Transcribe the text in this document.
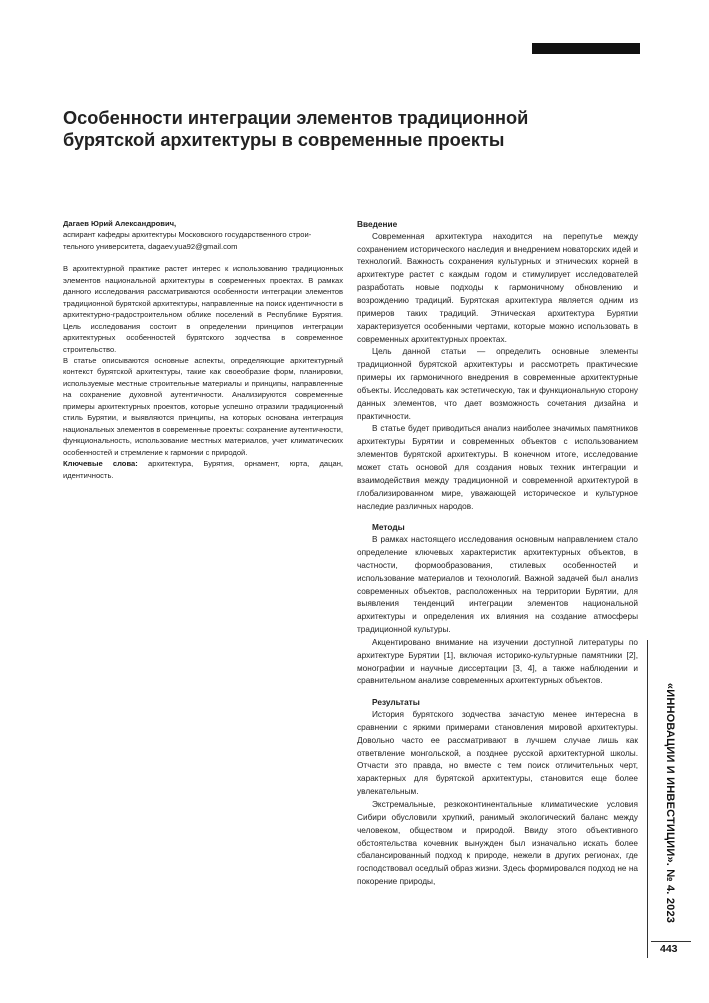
Особенности интеграции элементов традиционной
бурятской архитектуры в современные проекты

Дагаев Юрий Александрович,

аспирант кафедры архитектуры Московского государственного строи-
тельного университета, dagaev.yua92@gmail.com

В архитектурной практике растет интерес к использованию традиционных элементов национальной архитектуры в современных проектах. В рамках данного исследования рассматриваются особенности интеграции элементов традиционной бурятской архитектуры, направленные на поиск идентичности в архитектурно-градостроительном облике поселений в Республике Бурятия. Цель исследования состоит в определении принципов интеграции архитектурных особенностей бурятского зодчества в современное строительство.

В статье описываются основные аспекты, определяющие архитектурный контекст бурятской архитектуры, такие как своеобразие форм, планировки, используемые местные строительные материалы и принципы, направленные на сохранение духовной аутентичности. Анализируются современные примеры архитектурных проектов, которые успешно отразили традиционный стиль Бурятии, и выявляются принципы, на которых основана интеграция национальных элементов в современные проекты: сохранение аутентичности, функциональность, использование местных материалов, учет климатических особенностей и стремление к гармонии с природой.

Ключевые слова: архитектура, Бурятия, орнамент, юрта, дацан, идентичность.

Введение

Современная архитектура находится на перепутье между сохранением исторического наследия и внедрением новаторских идей и технологий. Важность сохранения культурных и этнических корней в архитектуре растет с каждым годом и стимулирует исследователей разработать новые подходы к гармоничному обновлению и возрождению традиций. Бурятская архитектура является одним из примеров таких традиций. Этническая архитектура Бурятии характеризуется особенными чертами, которые можно использовать в современных архитектурных проектах.

Цель данной статьи — определить основные элементы традиционной бурятской архитектуры и рассмотреть практические примеры их гармоничного внедрения в современные архитектурные объекты. Исследовать как эстетическую, так и функциональную сторону данных элементов, что дает возможность сочетания дизайна и практичности.

В статье будет приводиться анализ наиболее значимых памятников архитектуры Бурятии и современных объектов с использованием элементов бурятской архитектуры. В конечном итоге, исследование может стать основой для создания новых техник интеграции и взаимодействия между традиционной и современной архитектурой в глобализированном мире, уважающей историческое и культурное наследие различных народов.

Методы

В рамках настоящего исследования основным направлением стало определение ключевых характеристик архитектурных объектов, в частности, формообразования, стилевых особенностей и использование материалов и технологий. Важной задачей был анализ современных объектов, расположенных на территории Бурятии, для выявления тенденций интеграции элементов национальной архитектуры и определения их влияния на создание атмосферы традиционной культуры.

Акцентировано внимание на изучении доступной литературы по архитектуре Бурятии [1], включая историко-культурные памятники [2], монографии и научные диссертации [3, 4], а также наблюдении и сравнительном анализе современных архитектурных объектов.

Результаты

История бурятского зодчества зачастую менее интересна в сравнении с яркими примерами становления мировой архитектуры. Довольно часто ее рассматривают в лучшем случае лишь как ответвление монгольской, а позднее русской архитектурной школы. Отчасти это правда, но вместе с тем поиск отличительных черт, характерных для бурятской архитектуры, становится еще более увлекательным.

Экстремальные, резкоконтинентальные климатические условия Сибири обусловили хрупкий, ранимый экологический баланс между человеком, обществом и природой. Ввиду этого объективного обстоятельства кочевник вынужден был изначально искать более сбалансированный подход к природе, нежели в других регионах, где господствовал оседлый образ жизни. Здесь формировался подход не на покорение природы,	«ИННОВАЦИИ И ИНВЕСТИЦИИ». № 4. 2023
443
